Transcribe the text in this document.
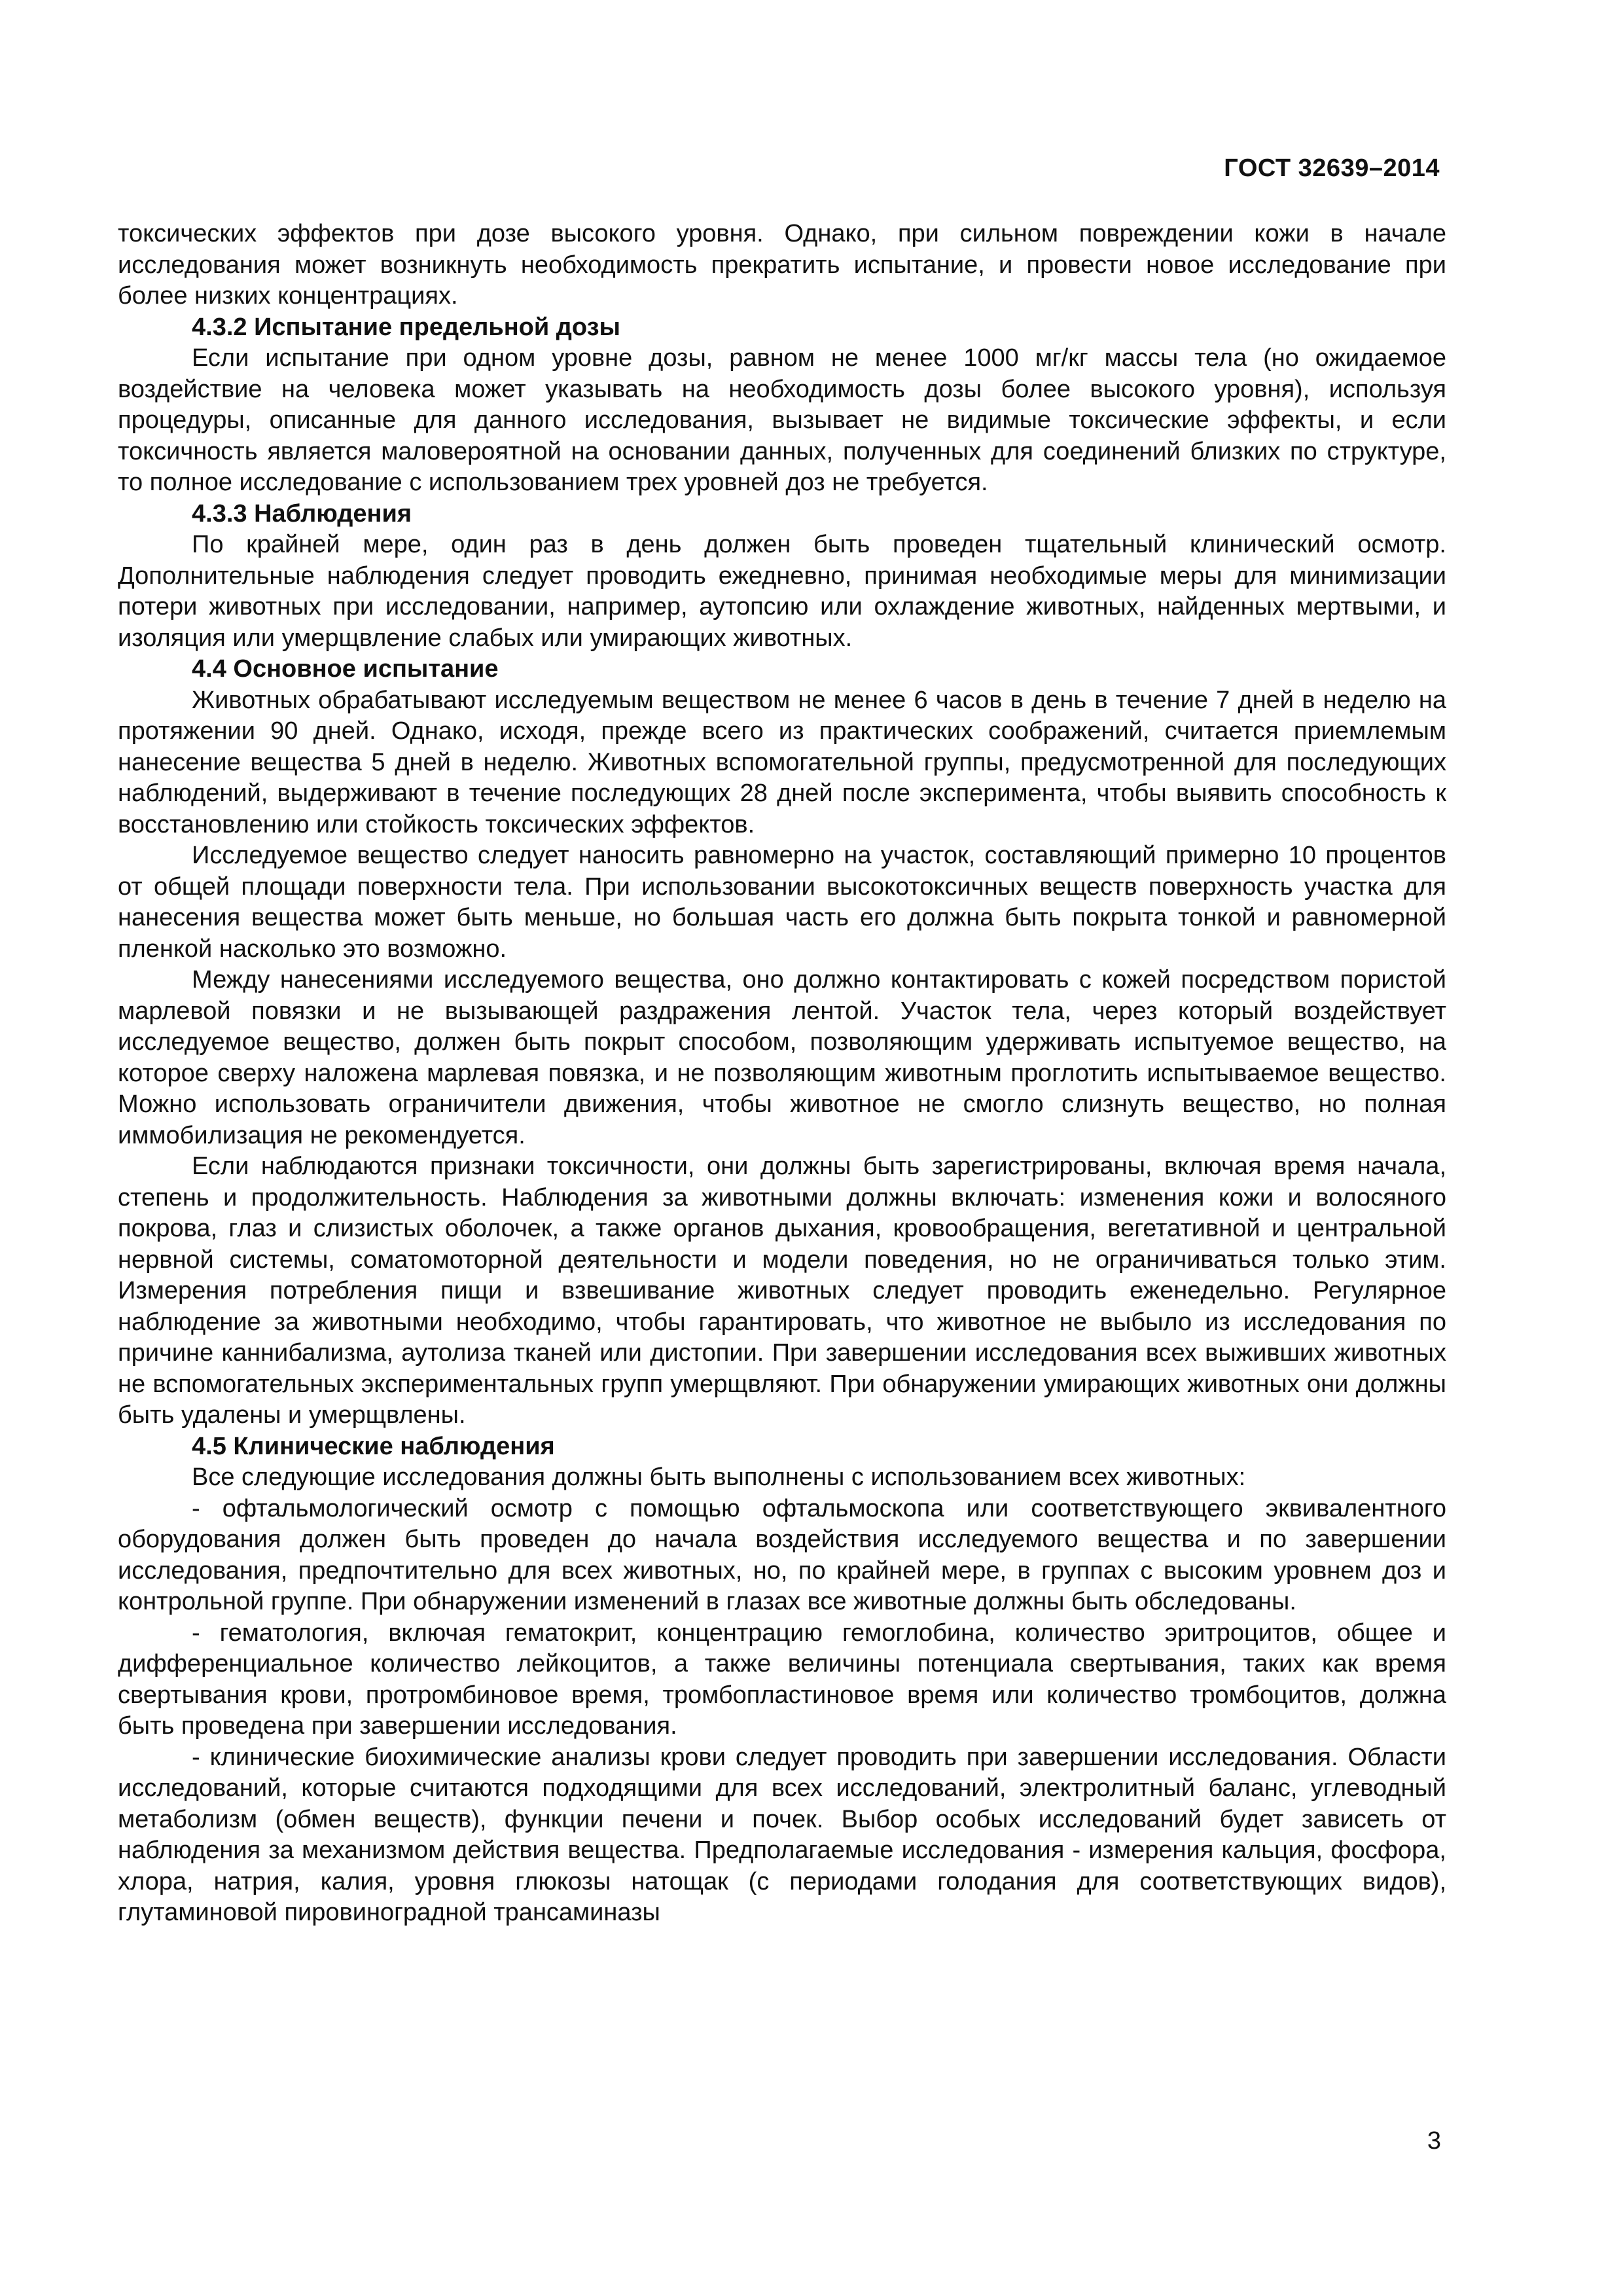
ГОСТ 32639–2014

токсических эффектов при дозе высокого уровня. Однако, при сильном повреждении кожи в начале исследования может возникнуть необходимость прекратить испытание, и провести новое исследование при более низких концентрациях.

4.3.2 Испытание предельной дозы

Если испытание при одном уровне дозы, равном не менее 1000 мг/кг массы тела (но ожидаемое воздействие на человека может указывать на необходимость дозы более высокого уровня), используя процедуры, описанные для данного исследования, вызывает не видимые токсические эффекты, и если токсичность является маловероятной на основании данных, полученных для соединений близких по структуре, то полное исследование с использованием трех уровней доз не требуется.

4.3.3 Наблюдения

По крайней мере, один раз в день должен быть проведен тщательный клинический осмотр. Дополнительные наблюдения следует проводить ежедневно, принимая необходимые меры для минимизации потери животных при исследовании, например, аутопсию или охлаждение животных, найденных мертвыми, и изоляция или умерщвление слабых или умирающих животных.

4.4 Основное испытание

Животных обрабатывают исследуемым веществом не менее 6 часов в день в течение 7 дней в неделю на протяжении 90 дней. Однако, исходя, прежде всего из практических соображений, считается приемлемым нанесение вещества 5 дней в неделю. Животных вспомогательной группы, предусмотренной для последующих наблюдений, выдерживают в течение последующих 28 дней после эксперимента, чтобы выявить способность к восстановлению или стойкость токсических эффектов.

Исследуемое вещество следует наносить равномерно на участок, составляющий примерно 10 процентов от общей площади поверхности тела. При использовании высокотоксичных веществ поверхность участка для нанесения вещества может быть меньше, но большая часть его должна быть покрыта тонкой и равномерной пленкой насколько это возможно.

Между нанесениями исследуемого вещества, оно должно контактировать с кожей посредством пористой марлевой повязки и не вызывающей раздражения лентой. Участок тела, через который воздействует исследуемое вещество, должен быть покрыт способом, позволяющим удерживать испытуемое вещество, на которое сверху наложена марлевая повязка, и не позволяющим животным проглотить испытываемое вещество. Можно использовать ограничители движения, чтобы животное не смогло слизнуть вещество, но полная иммобилизация не рекомендуется.

Если наблюдаются признаки токсичности, они должны быть зарегистрированы, включая время начала, степень и продолжительность. Наблюдения за животными должны включать: изменения кожи и волосяного покрова, глаз и слизистых оболочек, а также органов дыхания, кровообращения, вегетативной и центральной нервной системы, соматомоторной деятельности и модели поведения, но не ограничиваться только этим. Измерения потребления пищи и взвешивание животных следует проводить еженедельно. Регулярное наблюдение за животными необходимо, чтобы гарантировать, что животное не выбыло из исследования по причине каннибализма, аутолиза тканей или дистопии. При завершении исследования всех выживших животных не вспомогательных экспериментальных групп умерщвляют. При обнаружении умирающих животных они должны быть удалены и умерщвлены.

4.5 Клинические наблюдения

Все следующие исследования должны быть выполнены с использованием всех животных:

- офтальмологический осмотр с помощью офтальмоскопа или соответствующего эквивалентного оборудования должен быть проведен до начала воздействия исследуемого вещества и по завершении исследования, предпочтительно для всех животных, но, по крайней мере, в группах с высоким уровнем доз и контрольной группе. При обнаружении изменений в глазах все животные должны быть обследованы.

- гематология, включая гематокрит, концентрацию гемоглобина, количество эритроцитов, общее и дифференциальное количество лейкоцитов, а также величины потенциала свертывания, таких как время свертывания крови, протромбиновое время, тромбопластиновое время или количество тромбоцитов, должна быть проведена при завершении исследования.

- клинические биохимические анализы крови следует проводить при завершении исследования. Области исследований, которые считаются подходящими для всех исследований, электролитный баланс, углеводный метаболизм (обмен веществ), функции печени и почек. Выбор особых исследований будет зависеть от наблюдения за механизмом действия вещества. Предполагаемые исследования - измерения кальция, фосфора, хлора, натрия, калия, уровня глюкозы натощак (с периодами голодания для соответствующих видов), глутаминовой пировиноградной трансаминазы

3
